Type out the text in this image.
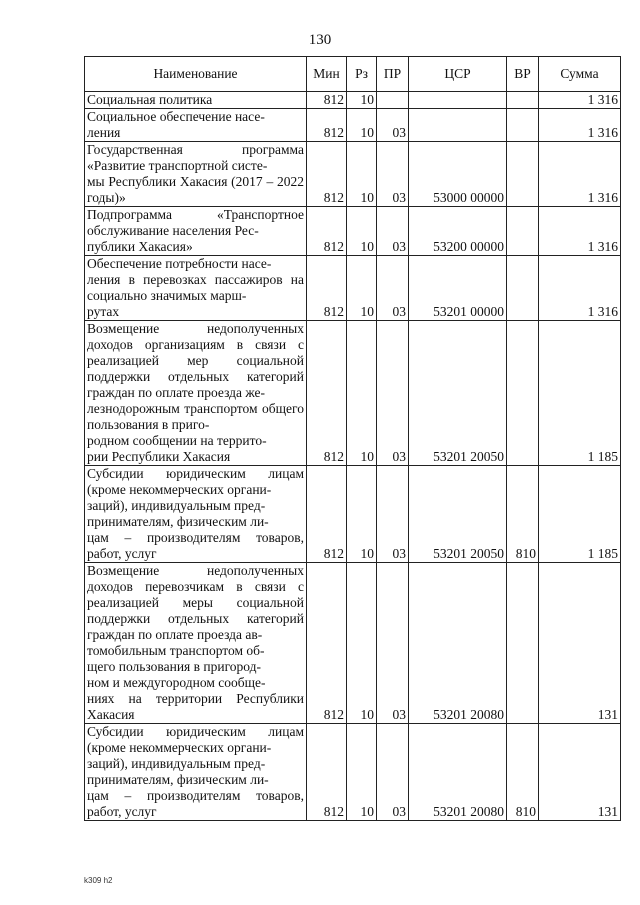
130
Наименование	Мин	Рз	ПР	ЦСР	ВР	Сумма
Социальная политика	812	10				1 316
Социальное обеспечение насе-
ления	812	10	03			1 316
Государственная программа «Развитие транспортной систе-
мы Республики Хакасия (2017 – 2022 годы)»	812	10	03	53000 00000		1 316
Подпрограмма «Транспортное обслуживание населения Рес-
публики Хакасия»	812	10	03	53200 00000		1 316
Обеспечение потребности насе-
ления в перевозках пассажиров на социально значимых марш-
рутах	812	10	03	53201 00000		1 316
Возмещение недополученных доходов организациям в связи с реализацией мер социальной поддержки отдельных категорий граждан по оплате проезда же-
лезнодорожным транспортом общего пользования в приго-
родном сообщении на террито-
рии Республики Хакасия	812	10	03	53201 20050		1 185
Субсидии юридическим лицам (кроме некоммерческих органи-
заций), индивидуальным пред-
принимателям, физическим ли-
цам – производителям товаров, работ, услуг	812	10	03	53201 20050	810	1 185
Возмещение недополученных доходов перевозчикам в связи с реализацией меры социальной поддержки отдельных категорий граждан по оплате проезда ав-
томобильным транспортом об-
щего пользования в пригород-
ном и междугородном сообще-
ниях на территории Республики Хакасия	812	10	03	53201 20080		131
Субсидии юридическим лицам (кроме некоммерческих органи-
заций), индивидуальным пред-
принимателям, физическим ли-
цам – производителям товаров, работ, услуг	812	10	03	53201 20080	810	131
k309 h2
